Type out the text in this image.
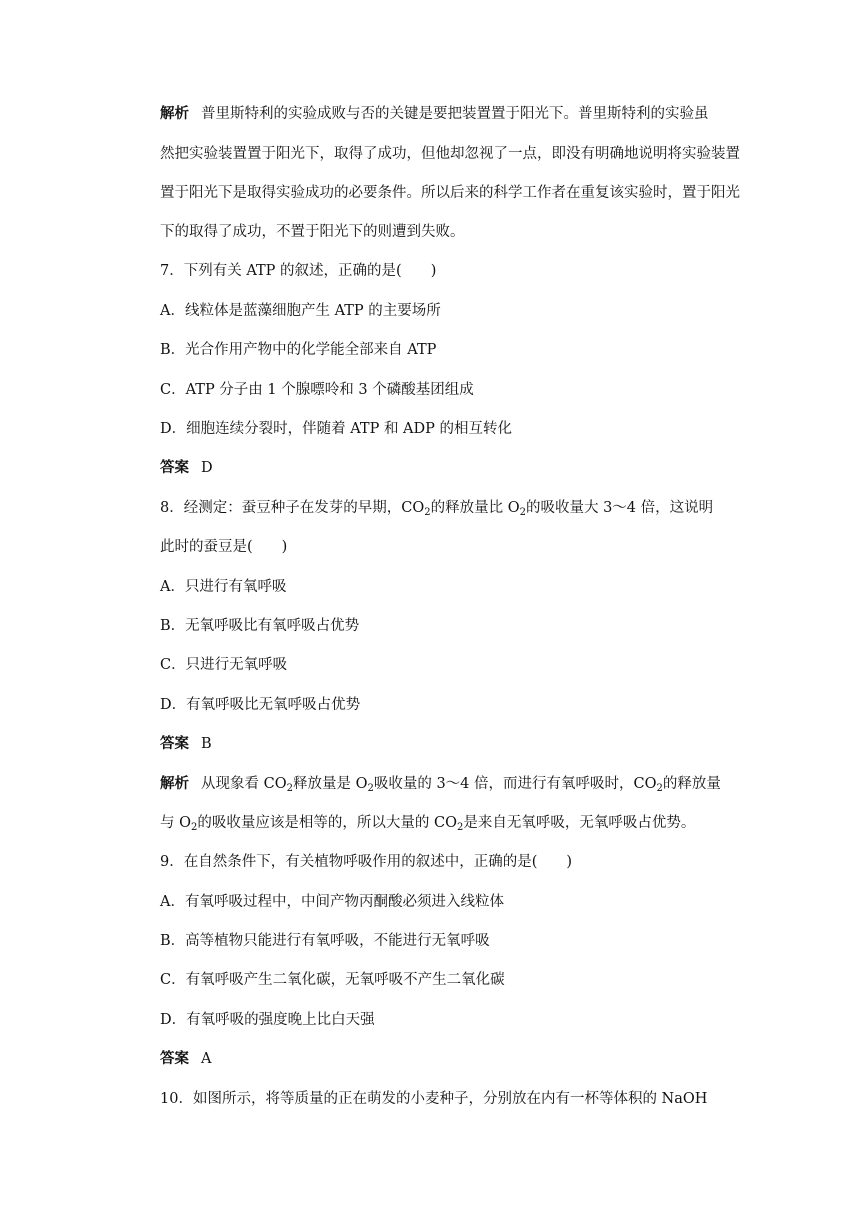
解析 普里斯特利的实验成败与否的关键是要把装置置于阳光下。普里斯特利的实验虽
然把实验装置置于阳光下，取得了成功，但他却忽视了一点，即没有明确地说明将实验装置
置于阳光下是取得实验成功的必要条件。所以后来的科学工作者在重复该实验时，置于阳光
下的取得了成功，不置于阳光下的则遭到失败。
7．下列有关 ATP 的叙述，正确的是(　　)
A．线粒体是蓝藻细胞产生 ATP 的主要场所
B．光合作用产物中的化学能全部来自 ATP
C．ATP 分子由 1 个腺嘌呤和 3 个磷酸基团组成
D．细胞连续分裂时，伴随着 ATP 和 ADP 的相互转化
答案 D
8．经测定：蚕豆种子在发芽的早期，$CO_2$的释放量比 $O_2$的吸收量大 3～4 倍，这说明
此时的蚕豆是(　　)
A．只进行有氧呼吸
B．无氧呼吸比有氧呼吸占优势
C．只进行无氧呼吸
D．有氧呼吸比无氧呼吸占优势
答案 B
解析 从现象看 $CO_2$释放量是 $O_2$吸收量的 3～4 倍，而进行有氧呼吸时，$CO_2$的释放量
与 $O_2$的吸收量应该是相等的，所以大量的 $CO_2$是来自无氧呼吸，无氧呼吸占优势。
9．在自然条件下，有关植物呼吸作用的叙述中，正确的是(　　)
A．有氧呼吸过程中，中间产物丙酮酸必须进入线粒体
B．高等植物只能进行有氧呼吸，不能进行无氧呼吸
C．有氧呼吸产生二氧化碳，无氧呼吸不产生二氧化碳
D．有氧呼吸的强度晚上比白天强
答案 A
10．如图所示，将等质量的正在萌发的小麦种子，分别放在内有一杯等体积的 NaOH
